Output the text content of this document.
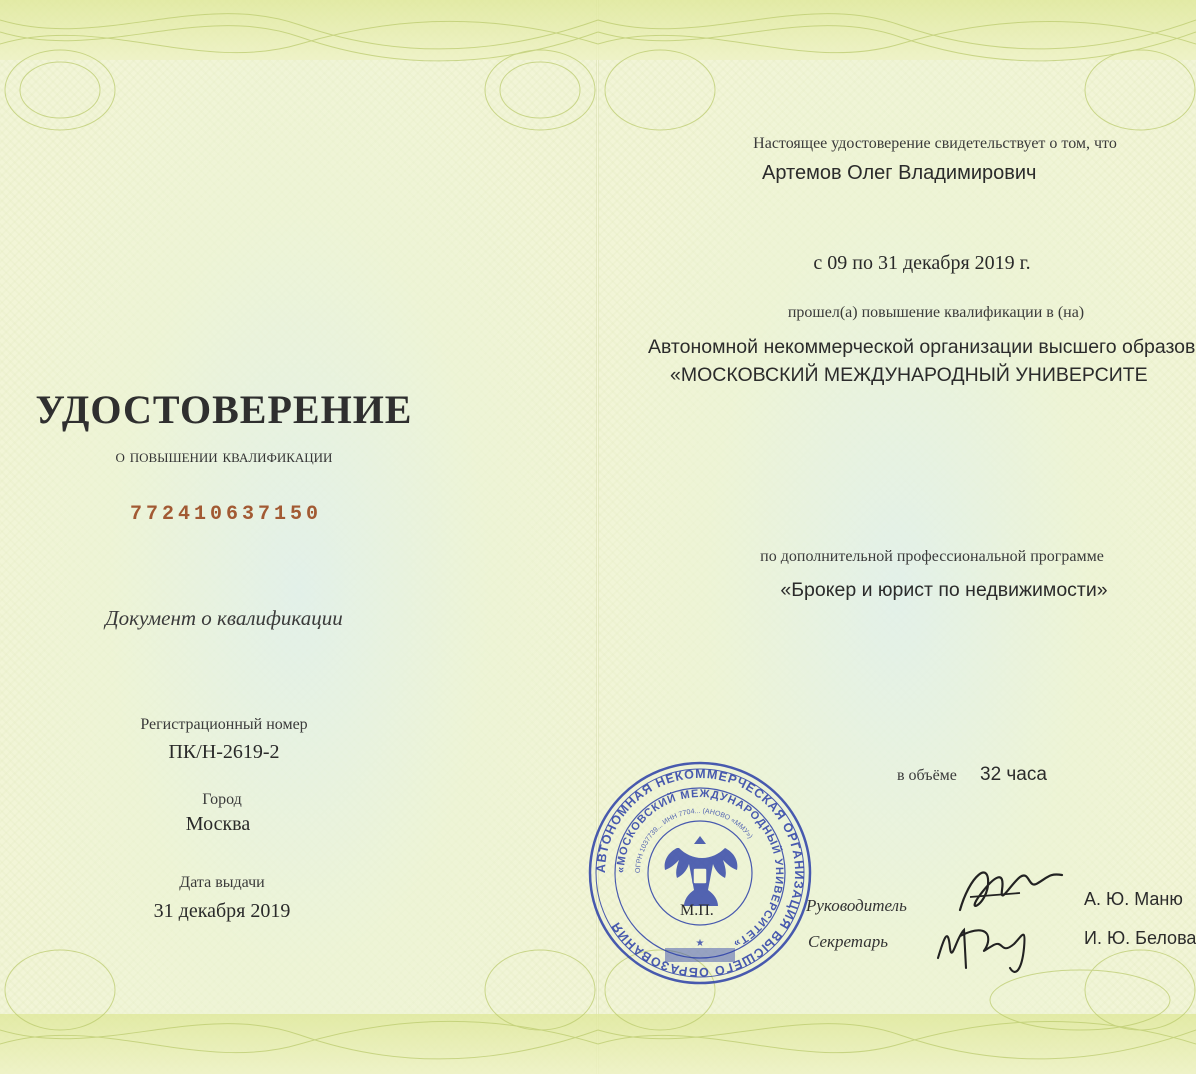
УДОСТОВЕРЕНИЕ
о повышении квалификации
772410637150
Документ о квалификации
Регистрационный номер
ПК/Н-2619-2
Город
Москва
Дата выдачи
31 декабря 2019
Настоящее удостоверение свидетельствует о том, что
Артемов Олег Владимирович
с 09 по 31 декабря 2019 г.
прошел(а) повышение квалификации в (на)
Автономной некоммерческой организации высшего образов
«МОСКОВСКИЙ МЕЖДУНАРОДНЫЙ УНИВЕРСИТЕ
по дополнительной профессиональной программе
«Брокер и юрист по недвижимости»
в объёме 32 часа
Руководитель	А. Ю. Маню
Секретарь	И. Ю. Белова
АВТОНОМНАЯ НЕКОММЕРЧЕСКАЯ ОРГАНИЗАЦИЯ ВЫСШЕГО ОБРАЗОВАНИЯ
«МОСКОВСКИЙ МЕЖДУНАРОДНЫЙ УНИВЕРСИТЕТ»
ОГРН 1037739... ИНН 7704... (АНОВО «ММУ»)
★
М.П.
